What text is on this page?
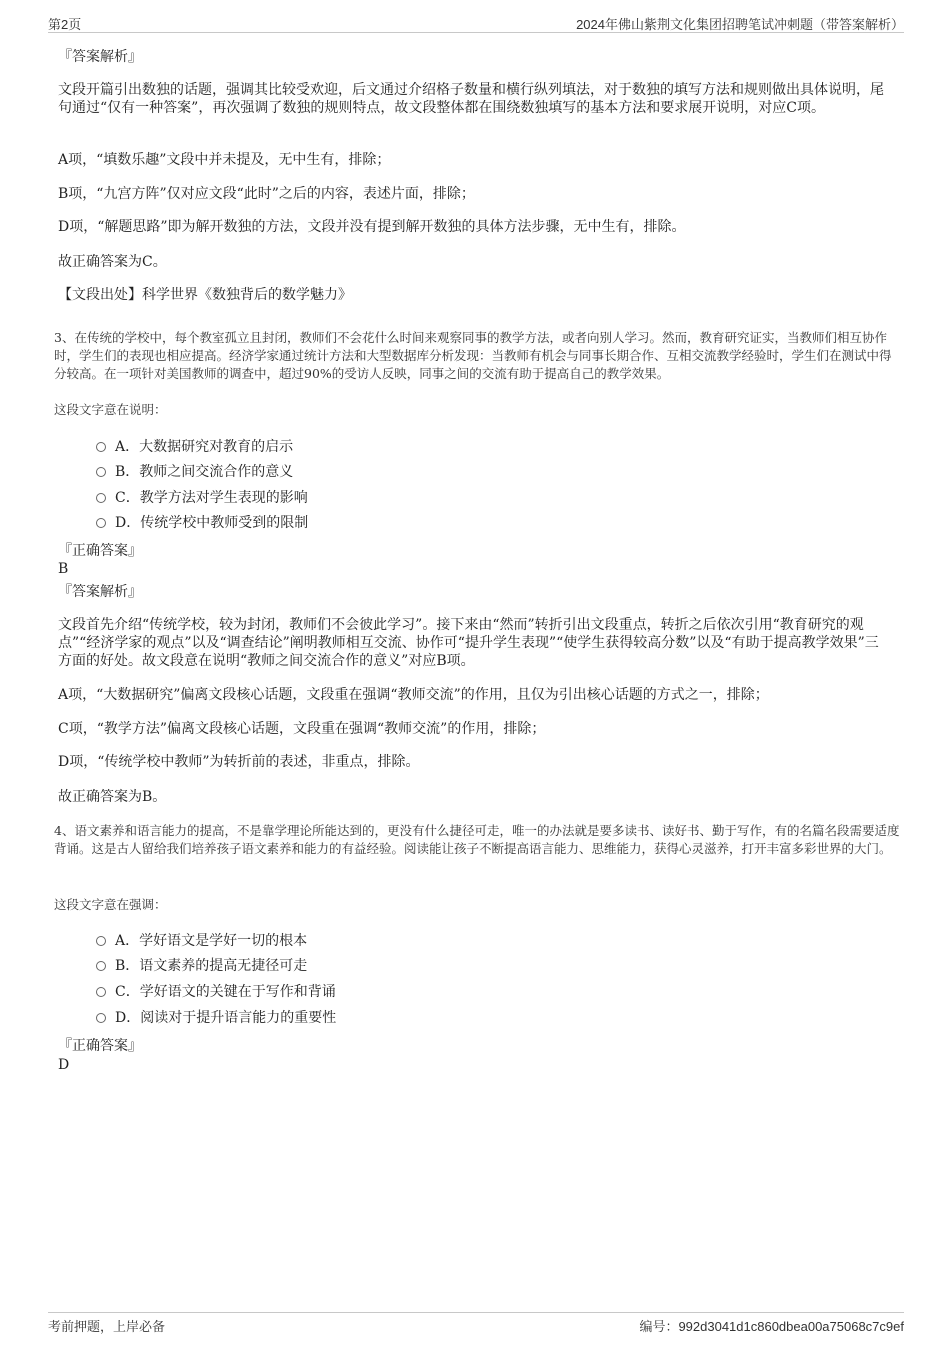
第2页	2024年佛山紫荆文化集团招聘笔试冲刺题（带答案解析）

『答案解析』

文段开篇引出数独的话题，强调其比较受欢迎，后文通过介绍格子数量和横行纵列填法，对于数独的填写方法和规则做出具体说明，尾句通过“仅有一种答案”，再次强调了数独的规则特点，故文段整体都在围绕数独填写的基本方法和要求展开说明，对应C项。

A项，“填数乐趣”文段中并未提及，无中生有，排除；

B项，“九宫方阵”仅对应文段“此时”之后的内容，表述片面，排除；

D项，“解题思路”即为解开数独的方法，文段并没有提到解开数独的具体方法步骤，无中生有，排除。

故正确答案为C。

【文段出处】科学世界《数独背后的数学魅力》

3、在传统的学校中，每个教室孤立且封闭，教师们不会花什么时间来观察同事的教学方法，或者向别人学习。然而，教育研究证实，当教师们相互协作时，学生们的表现也相应提高。经济学家通过统计方法和大型数据库分析发现：当教师有机会与同事长期合作、互相交流教学经验时，学生们在测试中得分较高。在一项针对美国教师的调查中，超过90%的受访人反映，同事之间的交流有助于提高自己的教学效果。

这段文字意在说明：

A．大数据研究对教育的启示

B．教师之间交流合作的意义

C．教学方法对学生表现的影响

D．传统学校中教师受到的限制

『正确答案』

B

『答案解析』

文段首先介绍“传统学校，较为封闭，教师们不会彼此学习”。接下来由“然而”转折引出文段重点，转折之后依次引用“教育研究的观点”“经济学家的观点”以及“调查结论”阐明教师相互交流、协作可“提升学生表现”“使学生获得较高分数”以及“有助于提高教学效果”三方面的好处。故文段意在说明“教师之间交流合作的意义”对应B项。

A项，“大数据研究”偏离文段核心话题，文段重在强调“教师交流”的作用，且仅为引出核心话题的方式之一，排除；

C项，“教学方法”偏离文段核心话题，文段重在强调“教师交流”的作用，排除；

D项，“传统学校中教师”为转折前的表述，非重点，排除。

故正确答案为B。

4、语文素养和语言能力的提高，不是靠学理论所能达到的，更没有什么捷径可走，唯一的办法就是要多读书、读好书、勤于写作，有的名篇名段需要适度背诵。这是古人留给我们培养孩子语文素养和能力的有益经验。阅读能让孩子不断提高语言能力、思维能力，获得心灵滋养，打开丰富多彩世界的大门。

这段文字意在强调：

A．学好语文是学好一切的根本

B．语文素养的提高无捷径可走

C．学好语文的关键在于写作和背诵

D．阅读对于提升语言能力的重要性

『正确答案』

D

考前押题，上岸必备	编号：992d3041d1c860dbea00a75068c7c9ef
